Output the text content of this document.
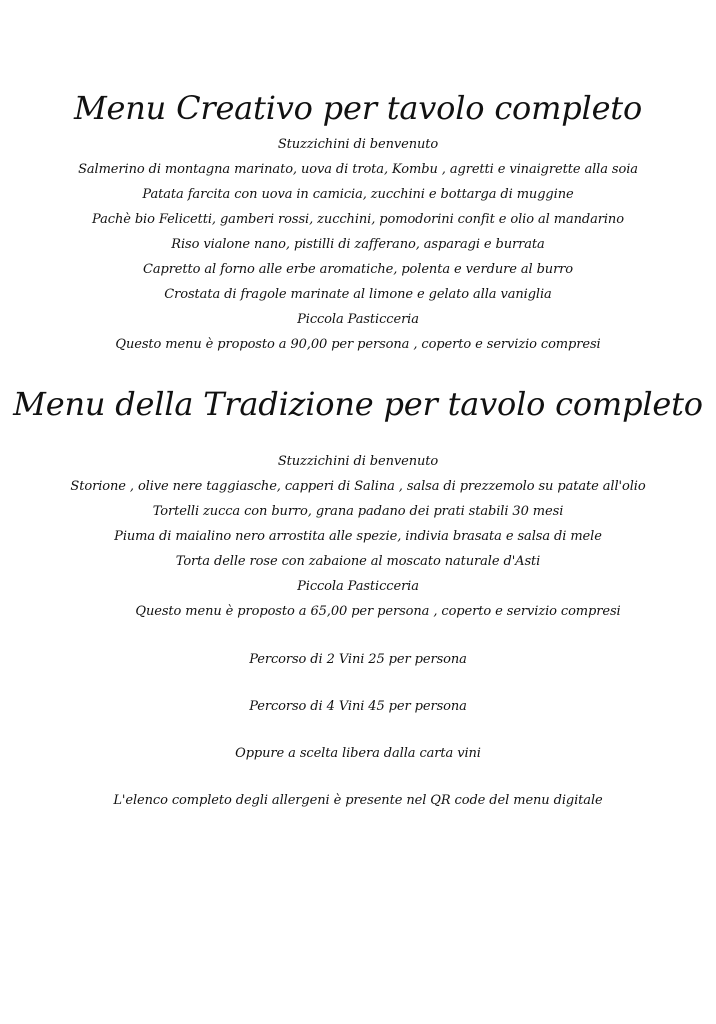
Menu Creativo per tavolo completo
Stuzzichini di benvenuto
Salmerino di montagna marinato, uova di trota, Kombu , agretti e vinaigrette alla soia
Patata farcita con uova in camicia, zucchini e bottarga di muggine
Pachè bio Felicetti, gamberi rossi, zucchini, pomodorini confit e olio al mandarino
Riso vialone nano, pistilli di zafferano, asparagi e burrata
Capretto al forno alle erbe aromatiche, polenta e verdure al burro
Crostata di fragole marinate al limone e gelato alla vaniglia
Piccola Pasticceria
Questo menu è proposto a 90,00 per persona , coperto e servizio compresi
Menu della Tradizione per tavolo completo
Stuzzichini di benvenuto
Storione , olive nere taggiasche, capperi di Salina , salsa di prezzemolo su patate all'olio
Tortelli zucca con burro, grana padano dei prati stabili 30 mesi
Piuma di maialino nero arrostita alle spezie, indivia brasata e salsa di mele
Torta delle rose con zabaione al moscato naturale d'Asti
Piccola Pasticceria
Questo menu è proposto a 65,00 per persona , coperto e servizio compresi
Percorso di 2 Vini 25 per persona
Percorso di 4 Vini 45 per persona
Oppure a scelta libera dalla carta vini
L'elenco completo degli allergeni è presente nel QR code del menu digitale
